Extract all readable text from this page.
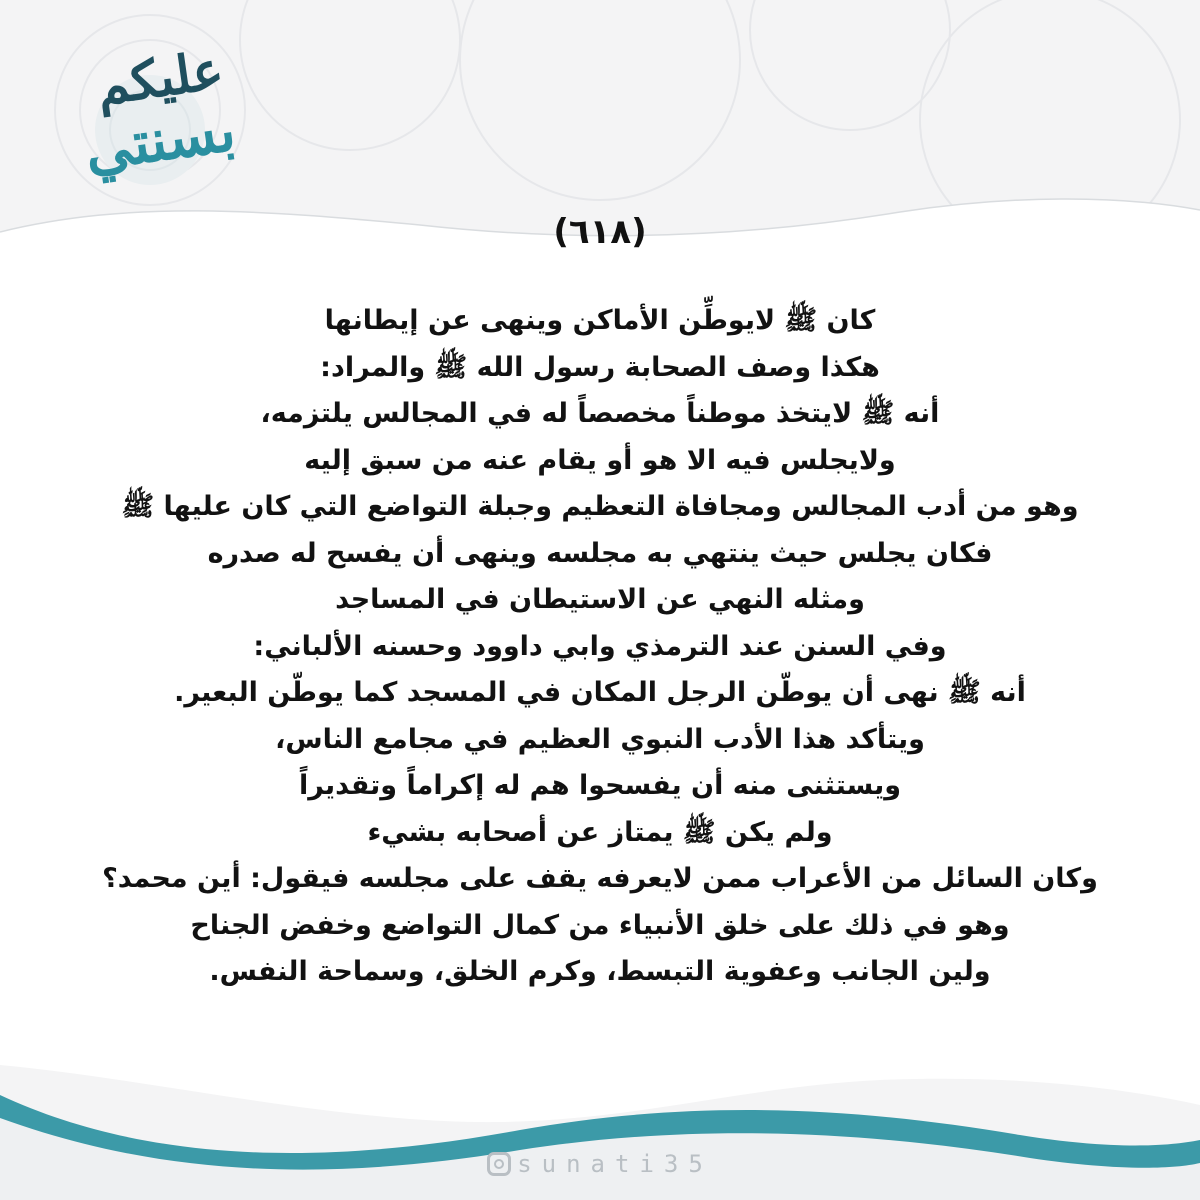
عليكم
بسنتي
(٦١٨)
كان ﷺ لايوطِّن الأماكن وينهى عن إيطانها
هكذا وصف الصحابة رسول الله ﷺ والمراد:
أنه ﷺ لايتخذ موطناً مخصصاً له في المجالس يلتزمه،
ولايجلس فيه الا هو أو يقام عنه من سبق إليه
وهو من أدب المجالس ومجافاة التعظيم وجبلة التواضع التي كان عليها ﷺ
فكان يجلس حيث ينتهي به مجلسه وينهى أن يفسح له صدره
ومثله النهي عن الاستيطان في المساجد
وفي السنن عند الترمذي وابي داوود وحسنه الألباني:
أنه ﷺ نهى أن يوطّن الرجل المكان في المسجد كما يوطّن البعير.
ويتأكد هذا الأدب النبوي العظيم في مجامع الناس،
ويستثنى منه أن يفسحوا هم له إكراماً وتقديراً
ولم يكن ﷺ يمتاز عن أصحابه بشيء
وكان السائل من الأعراب ممن لايعرفه يقف على مجلسه فيقول: أين محمد؟
وهو في ذلك على خلق الأنبياء من كمال التواضع وخفض الجناح
ولين الجانب وعفوية التبسط، وكرم الخلق، وسماحة النفس.
sunati35
